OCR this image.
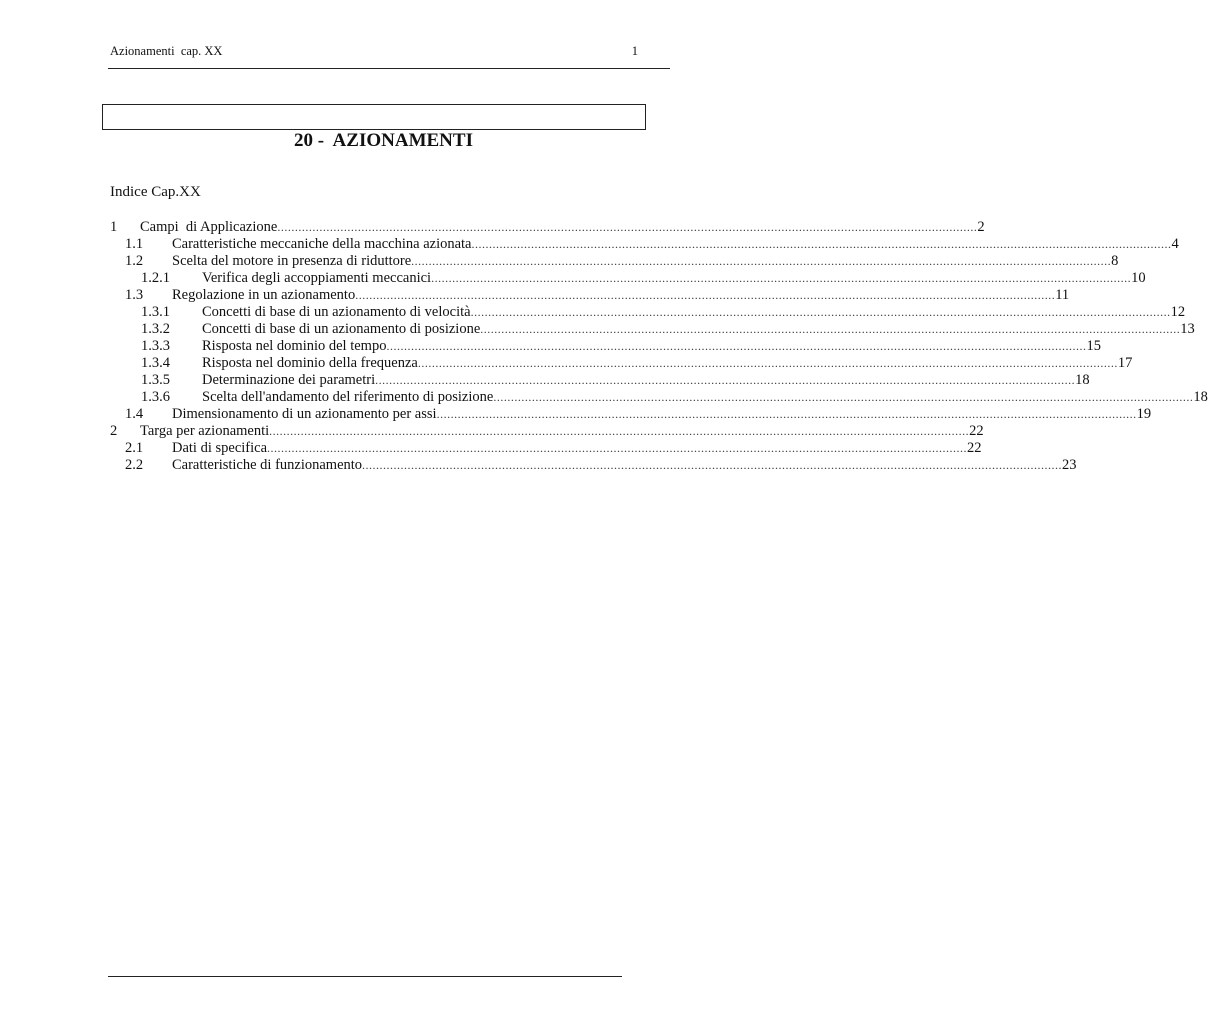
Azionamenti  cap. XX	1

20 -  AZIONAMENTI

Indice Cap.XX
1 Campi  di Applicazione ........................................................................................................................................................................................................ 2
1.1 Caratteristiche meccaniche della macchina azionata ........................................................................................................................................................................................................ 4
1.2 Scelta del motore in presenza di riduttore ........................................................................................................................................................................................................ 8
1.2.1 Verifica degli accoppiamenti meccanici ........................................................................................................................................................................................................ 10
1.3 Regolazione in un azionamento ........................................................................................................................................................................................................ 11
1.3.1 Concetti di base di un azionamento di velocità ........................................................................................................................................................................................................ 12
1.3.2 Concetti di base di un azionamento di posizione ........................................................................................................................................................................................................ 13
1.3.3 Risposta nel dominio del tempo ........................................................................................................................................................................................................ 15
1.3.4 Risposta nel dominio della frequenza ........................................................................................................................................................................................................ 17
1.3.5 Determinazione dei parametri ........................................................................................................................................................................................................ 18
1.3.6 Scelta dell'andamento del riferimento di posizione ........................................................................................................................................................................................................ 18
1.4 Dimensionamento di un azionamento per assi ........................................................................................................................................................................................................ 19
2 Targa per azionamenti ........................................................................................................................................................................................................ 22
2.1 Dati di specifica ........................................................................................................................................................................................................ 22
2.2 Caratteristiche di funzionamento ........................................................................................................................................................................................................ 23
